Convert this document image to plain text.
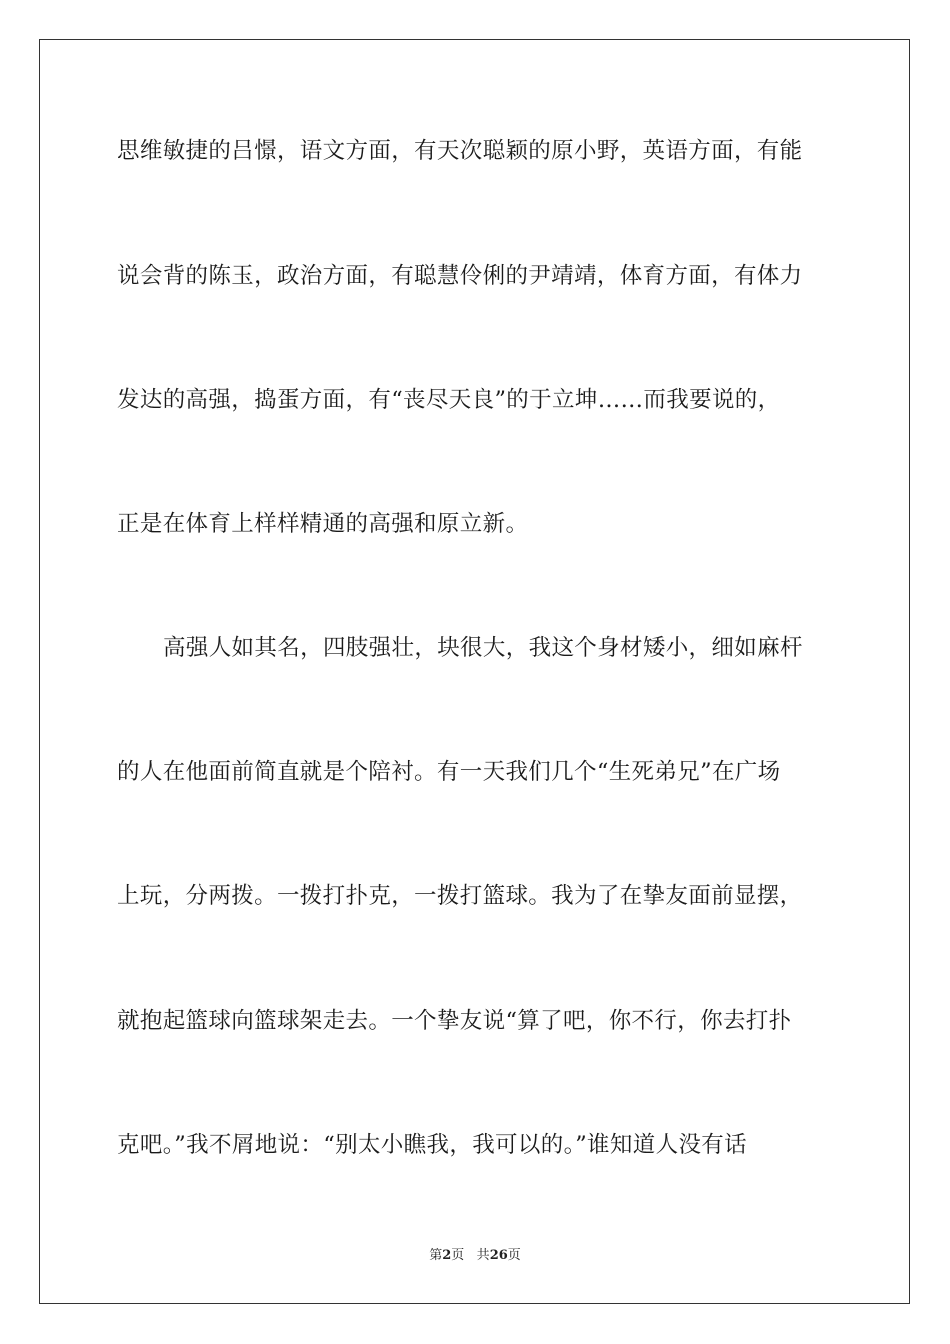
思维敏捷的吕憬，语文方面，有天次聪颖的原小野，英语方面，有能
说会背的陈玉，政治方面，有聪慧伶俐的尹靖靖，体育方面，有体力
发达的高强，捣蛋方面，有“丧尽天良”的于立坤……而我要说的，
正是在体育上样样精通的高强和原立新。
高强人如其名，四肢强壮，块很大，我这个身材矮小，细如麻杆
的人在他面前简直就是个陪衬。有一天我们几个“生死弟兄”在广场
上玩，分两拨。一拨打扑克，一拨打篮球。我为了在挚友面前显摆，
就抱起篮球向篮球架走去。一个挚友说“算了吧，你不行，你去打扑
克吧。”我不屑地说：“别太小瞧我，我可以的。”谁知道人没有话
第2页 共26页
